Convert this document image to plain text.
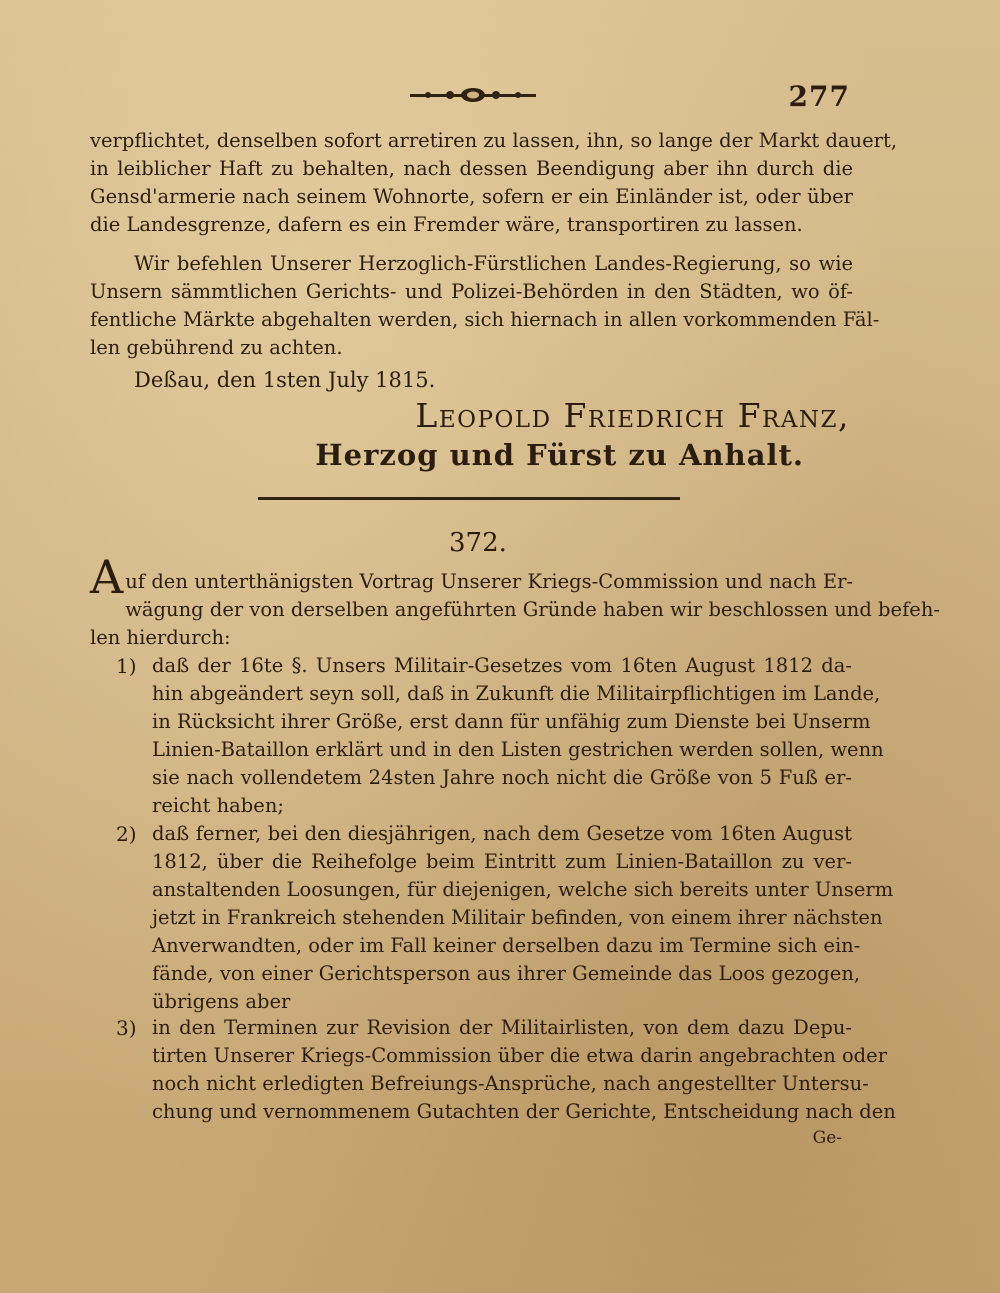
277
verpflichtet, denselben sofort arretiren zu lassen, ihn, so lange der Markt dauert,
in leiblicher Haft zu behalten, nach dessen Beendigung aber ihn durch die
Gensd'armerie nach seinem Wohnorte, sofern er ein Einländer ist, oder über
die Landesgrenze, dafern es ein Fremder wäre, transportiren zu lassen.
Wir befehlen Unserer Herzoglich-Fürstlichen Landes-Regierung, so wie
Unsern sämmtlichen Gerichts- und Polizei-Behörden in den Städten, wo öf-
fentliche Märkte abgehalten werden, sich hiernach in allen vorkommenden Fäl-
len gebührend zu achten.
Deßau, den 1sten July 1815.
Leopold Friedrich Franz,
Herzog und Fürst zu Anhalt.
372.
A uf den unterthänigsten Vortrag Unserer Kriegs-Commission und nach Er-
wägung der von derselben angeführten Gründe haben wir beschlossen und befeh-
len hierdurch:
1) daß der 16te §. Unsers Militair-Gesetzes vom 16ten August 1812 da-
hin abgeändert seyn soll, daß in Zukunft die Militairpflichtigen im Lande,
in Rücksicht ihrer Größe, erst dann für unfähig zum Dienste bei Unserm
Linien-Bataillon erklärt und in den Listen gestrichen werden sollen, wenn
sie nach vollendetem 24sten Jahre noch nicht die Größe von 5 Fuß er-
reicht haben;
2) daß ferner, bei den diesjährigen, nach dem Gesetze vom 16ten August
1812, über die Reihefolge beim Eintritt zum Linien-Bataillon zu ver-
anstaltenden Loosungen, für diejenigen, welche sich bereits unter Unserm
jetzt in Frankreich stehenden Militair befinden, von einem ihrer nächsten
Anverwandten, oder im Fall keiner derselben dazu im Termine sich ein-
fände, von einer Gerichtsperson aus ihrer Gemeinde das Loos gezogen,
übrigens aber
3) in den Terminen zur Revision der Militairlisten, von dem dazu Depu-
tirten Unserer Kriegs-Commission über die etwa darin angebrachten oder
noch nicht erledigten Befreiungs-Ansprüche, nach angestellter Untersu-
chung und vernommenem Gutachten der Gerichte, Entscheidung nach den
Ge-
